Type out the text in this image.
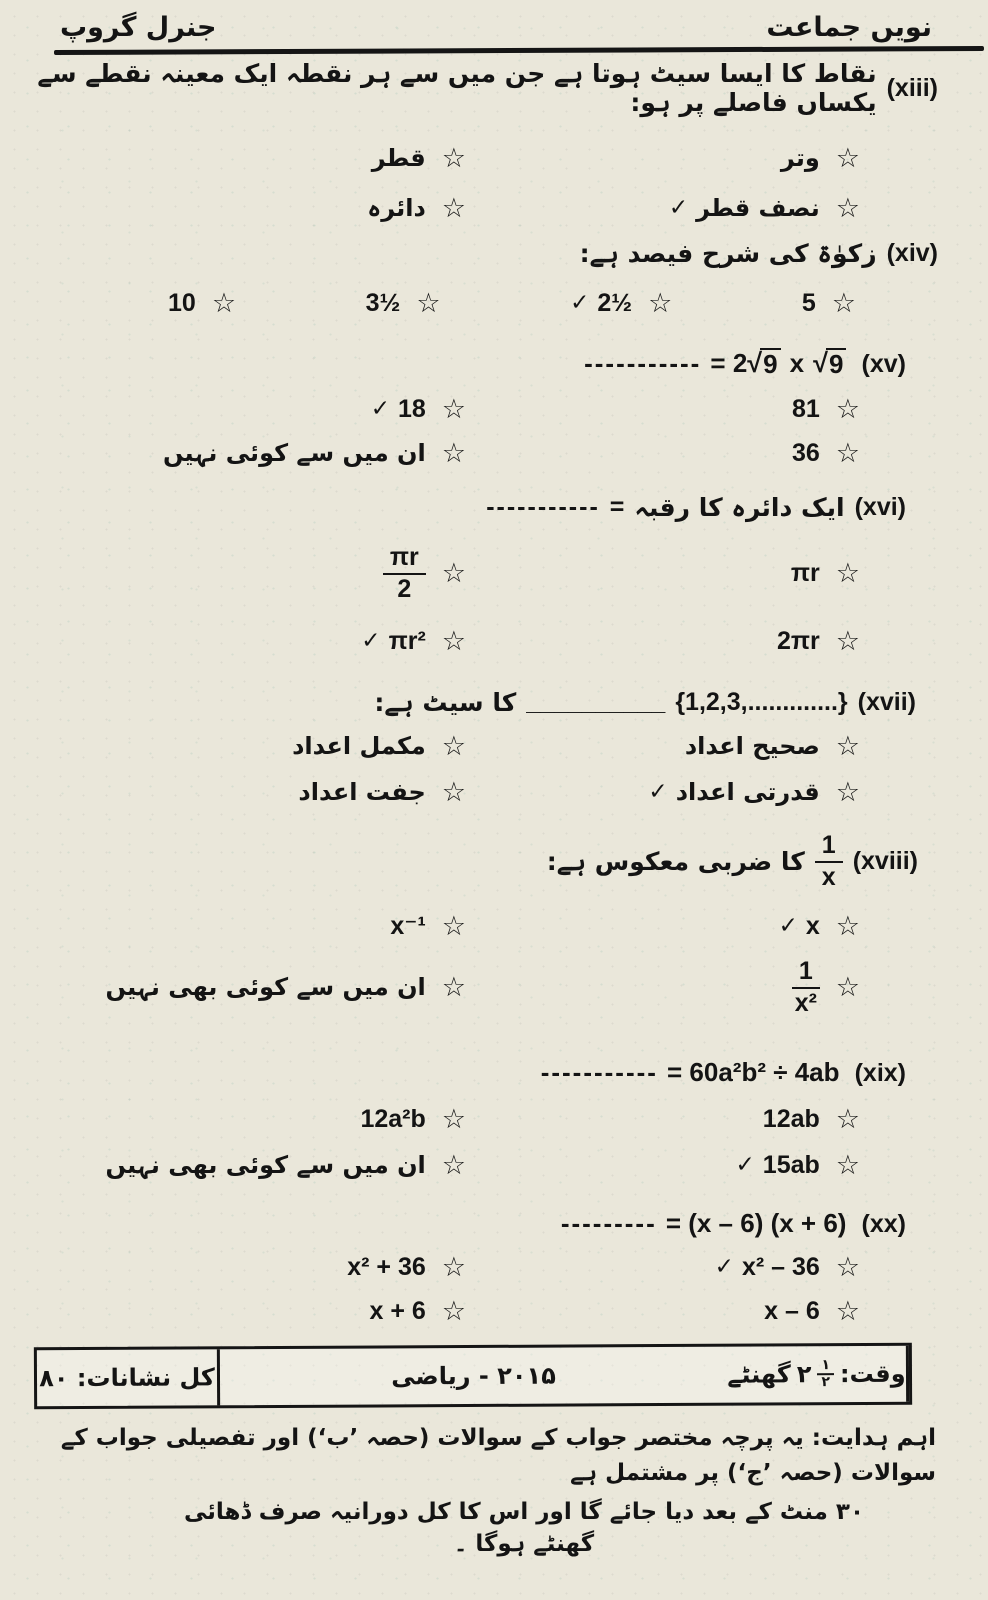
جنرل گروپ	نویں جماعت
(xiii)
نقاط کا ایسا سیٹ ہوتا ہے جن میں سے ہر نقطہ ایک معینہ نقطے سے یکساں فاصلے پر ہو:
قطر ☆	وتر ☆
دائرہ ☆	✓ نصف قطر ☆
(xiv)
زکوٰۃ کی شرح فیصد ہے:
10 ☆	3½ ☆	✓ 2½ ☆	5 ☆
----------- = 2 √ 9 x √ 9 (xv)
✓ 18 ☆	81 ☆
ان میں سے کوئی نہیں ☆	36 ☆
(xvi)
ایک دائرہ کا رقبہ
=
-----------
$\frac{\pi r}{2}$ ☆	πr ☆
✓ πr² ☆	2πr ☆
(xvii)
{1,2,3,.............}
__________
کا سیٹ ہے:
مکمل اعداد ☆	صحیح اعداد ☆
جفت اعداد ☆	✓ قدرتی اعداد ☆
(xviii)
$\frac{1}{x}$
کا ضربی معکوس ہے:
x⁻¹ ☆	✓ x ☆
ان میں سے کوئی بھی نہیں ☆	$\frac{1}{\text{x²}}$ ☆
----------- = 60a²b² ÷ 4ab (xix)
12a²b ☆	12ab ☆
ان میں سے کوئی بھی نہیں ☆	✓ 15ab ☆
--------- = (x – 6) (x + 6) (xx)
x² + 36 ☆	✓ x² – 36 ☆
x + 6 ☆	x – 6 ☆
کل نشانات: ۸۰	۲۰۱۵ - ریاضی	وقت:
۱
۲
۲
گھنٹے
اہم ہدایت: یہ پرچہ مختصر جواب کے سوالات (حصہ ’ب‘) اور تفصیلی جواب کے سوالات (حصہ ’ج‘) پر مشتمل ہے
۳۰ منٹ کے بعد دیا جائے گا اور اس کا کل دورانیہ صرف ڈھائی گھنٹے ہوگا ۔
